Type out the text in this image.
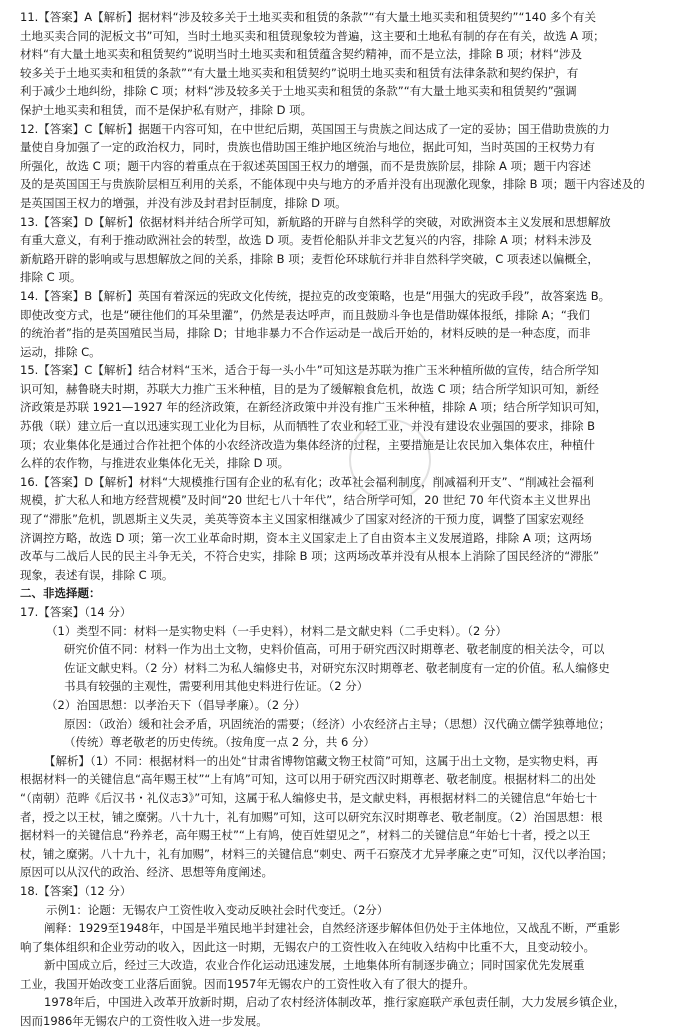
11.【答案】A【解析】据材料“涉及较多关于土地买卖和租赁的条款”“有大量土地买卖和租赁契约”“140 多个有关

土地买卖合同的泥板文书”可知，当时土地买卖和租赁现象较为普遍，这主要和土地私有制的存在有关，故选 A 项；

材料“有大量土地买卖和租赁契约”说明当时土地买卖和租赁蕴含契约精神，而不是立法，排除 B 项；材料“涉及

较多关于土地买卖和租赁的条款”“有大量土地买卖和租赁契约”说明土地买卖和租赁有法律条款和契约保护，有

利于减少土地纠纷，排除 C 项；材料“涉及较多关于土地买卖和租赁的条款”“有大量土地买卖和租赁契约”强调

保护土地买卖和租赁，而不是保护私有财产，排除 D 项。

12.【答案】C【解析】据题干内容可知，在中世纪后期，英国国王与贵族之间达成了一定的妥协；国王借助贵族的力

量使自身加强了一定的政治权力，同时，贵族也借助国王维护地区统治与地位，据此可知，当时英国的王权势力有

所强化，故选 C 项；题干内容的着重点在于叙述英国国王权力的增强，而不是贵族阶层，排除 A 项；题干内容述

及的是英国国王与贵族阶层相互利用的关系，不能体现中央与地方的矛盾并没有出现激化现象，排除 B 项；题干内容述及的

是英国国王权力的增强，并没有涉及封君封臣制度，排除 D 项。

13.【答案】D【解析】依据材料并结合所学可知，新航路的开辟与自然科学的突破，对欧洲资本主义发展和思想解放

有重大意义，有利于推动欧洲社会的转型，故选 D 项。麦哲伦船队并非文艺复兴的内容，排除 A 项；材料未涉及

新航路开辟的影响或与思想解放之间的关系，排除 B 项；麦哲伦环球航行并非自然科学突破，C 项表述以偏概全，

排除 C 项。

14.【答案】B【解析】英国有着深远的宪政文化传统，提拉克的改变策略，也是“用强大的宪政手段”，故答案选 B。

即使改变方式，也是“硬往他们的耳朵里灌”，仍然是表达呼声，而且鼓励斗争也是借助媒体报纸，排除 A；“我们

的统治者”指的是英国殖民当局，排除 D；甘地非暴力不合作运动是一战后开始的，材料反映的是一种态度，而非

运动，排除 C。

15.【答案】C【解析】结合材料“玉米，适合于每一头小牛”可知这是苏联为推广玉米种植所做的宣传，结合所学知

识可知，赫鲁晓夫时期，苏联大力推广玉米种植，目的是为了缓解粮食危机，故选 C 项；结合所学知识可知，新经

济政策是苏联 1921—1927 年的经济政策，在新经济政策中并没有推广玉米种植，排除 A 项；结合所学知识可知，

苏俄（联）建立后一直以迅速实现工业化为目标，从而牺牲了农业和轻工业，并没有建设农业强国的要求，排除 B

项；农业集体化是通过合作社把个体的小农经济改造为集体经济的过程，主要措施是让农民加入集体农庄，种植什

么样的农作物，与推进农业集体化无关，排除 D 项。

16.【答案】D【解析】材料“大规模推行国有企业的私有化；改革社会福利制度，削减福利开支”、“削减社会福利

规模，扩大私人和地方经营规模”及时间“20 世纪七八十年代”，结合所学可知，20 世纪 70 年代资本主义世界出

现了“滞胀”危机，凯恩斯主义失灵，美英等资本主义国家相继减少了国家对经济的干预力度，调整了国家宏观经

济调控方略，故选 D 项；第一次工业革命时期，资本主义国家走上了自由资本主义发展道路，排除 A 项；这两场

改革与二战后人民的民主斗争无关，不符合史实，排除 B 项；这两场改革并没有从根本上消除了国民经济的“滞胀”

现象，表述有误，排除 C 项。

二、非选择题：

17.【答案】（14 分）

（1）类型不同：材料一是实物史料（一手史料），材料二是文献史料（二手史料）。（2 分）

研究价值不同：材料一作为出土文物，史料价值高，可用于研究西汉时期尊老、敬老制度的相关法令，可以

佐证文献史料。（2 分）材料二为私人编修史书，对研究东汉时期尊老、敬老制度有一定的价值。私人编修史

书具有较强的主观性，需要利用其他史料进行佐证。（2 分）

（2）治国思想：以孝治天下（倡导孝廉）。（2 分）

原因：（政治）缓和社会矛盾，巩固统治的需要；（经济）小农经济占主导；（思想）汉代确立儒学独尊地位；

（传统）尊老敬老的历史传统。（按角度一点 2 分，共 6 分）

【解析】（1）不同：根据材料一的出处“甘肃省博物馆藏文物王杖简”可知，这属于出土文物，是实物史料，再

根据材料一的关键信息“高年赐王杖”“上有鸠”可知，这可以用于研究西汉时期尊老、敬老制度。根据材料二的出处

“（南朝）范晔《后汉书・礼仪志3》”可知，这属于私人编修史书，是文献史料，再根据材料二的关键信息“年始七十

者，授之以王杖，铺之糜粥。八十九十，礼有加赐”可知，这可以研究东汉时期尊老、敬老制度。（2）治国思想：根

据材料一的关键信息“矜养老，高年赐王杖”“上有鸠，使百姓望见之”，材料二的关键信息“年始七十者，授之以王

杖，铺之糜粥。八十九十，礼有加赐”，材料三的关键信息“刺史、两千石察茂才尤异孝廉之吏”可知，汉代以孝治国；

原因可以从汉代的政治、经济、思想等角度阐述。

18.【答案】（12 分）

示例1：论题：无锡农户工资性收入变动反映社会时代变迁。（2分）

阐释：1929至1948年，中国是半殖民地半封建社会，自然经济逐步解体但仍处于主体地位，又战乱不断，严重影

响了集体组织和企业劳动的收入，因此这一时期，无锡农户的工资性收入在纯收入结构中比重不大，且变动较小。

新中国成立后，经过三大改造，农业合作化运动迅速发展，土地集体所有制逐步确立；同时国家优先发展重

工业，我国开始改变工业落后面貌。因而1957年无锡农户的工资性收入有了很大的提升。

1978年后，中国进入改革开放新时期，启动了农村经济体制改革，推行家庭联产承包责任制，大力发展乡镇企业，

因而1986年无锡农户的工资性收入进一步发展。
